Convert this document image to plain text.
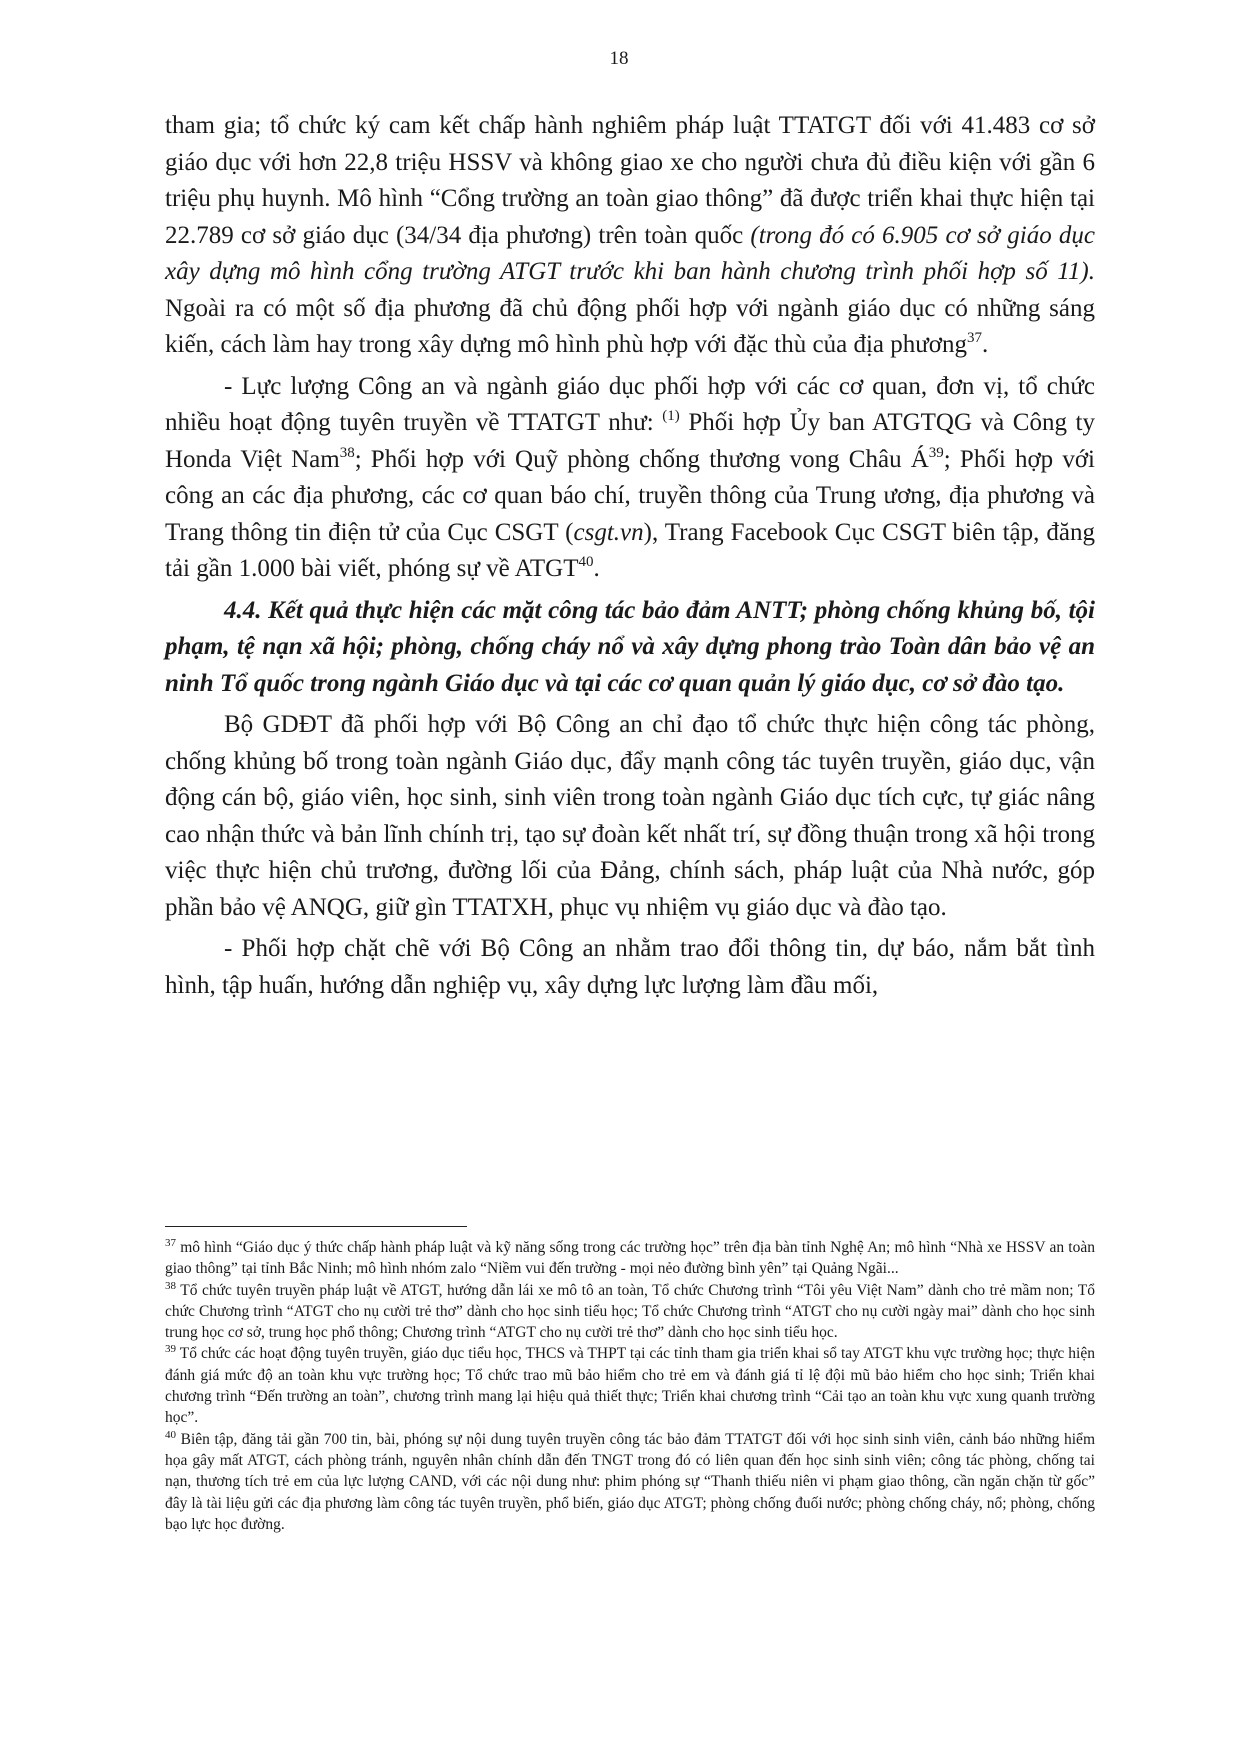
18

tham gia; tổ chức ký cam kết chấp hành nghiêm pháp luật TTATGT đối với 41.483 cơ sở giáo dục với hơn 22,8 triệu HSSV và không giao xe cho người chưa đủ điều kiện với gần 6 triệu phụ huynh. Mô hình “Cổng trường an toàn giao thông” đã được triển khai thực hiện tại 22.789 cơ sở giáo dục (34/34 địa phương) trên toàn quốc (trong đó có 6.905 cơ sở giáo dục xây dựng mô hình cổng trường ATGT trước khi ban hành chương trình phối hợp số 11). Ngoài ra có một số địa phương đã chủ động phối hợp với ngành giáo dục có những sáng kiến, cách làm hay trong xây dựng mô hình phù hợp với đặc thù của địa phương$^{37}$.

- Lực lượng Công an và ngành giáo dục phối hợp với các cơ quan, đơn vị, tổ chức nhiều hoạt động tuyên truyền về TTATGT như: $^{(1)}$ Phối hợp Ủy ban ATGTQG và Công ty Honda Việt Nam$^{38}$; Phối hợp với Quỹ phòng chống thương vong Châu $Á^{39}$; Phối hợp với công an các địa phương, các cơ quan báo chí, truyền thông của Trung ương, địa phương và Trang thông tin điện tử của Cục CSGT (csgt.vn), Trang Facebook Cục CSGT biên tập, đăng tải gần 1.000 bài viết, phóng sự về ATGT$^{40}$.

4.4. Kết quả thực hiện các mặt công tác bảo đảm ANTT; phòng chống khủng bố, tội phạm, tệ nạn xã hội; phòng, chống cháy nổ và xây dựng phong trào Toàn dân bảo vệ an ninh Tổ quốc trong ngành Giáo dục và tại các cơ quan quản lý giáo dục, cơ sở đào tạo.

Bộ GDĐT đã phối hợp với Bộ Công an chỉ đạo tổ chức thực hiện công tác phòng, chống khủng bố trong toàn ngành Giáo dục, đẩy mạnh công tác tuyên truyền, giáo dục, vận động cán bộ, giáo viên, học sinh, sinh viên trong toàn ngành Giáo dục tích cực, tự giác nâng cao nhận thức và bản lĩnh chính trị, tạo sự đoàn kết nhất trí, sự đồng thuận trong xã hội trong việc thực hiện chủ trương, đường lối của Đảng, chính sách, pháp luật của Nhà nước, góp phần bảo vệ ANQG, giữ gìn TTATXH, phục vụ nhiệm vụ giáo dục và đào tạo.

- Phối hợp chặt chẽ với Bộ Công an nhằm trao đổi thông tin, dự báo, nắm bắt tình hình, tập huấn, hướng dẫn nghiệp vụ, xây dựng lực lượng làm đầu mối,

$^{37}$ mô hình “Giáo dục ý thức chấp hành pháp luật và kỹ năng sống trong các trường học” trên địa bàn tỉnh Nghệ An; mô hình “Nhà xe HSSV an toàn giao thông” tại tỉnh Bắc Ninh; mô hình nhóm zalo “Niềm vui đến trường - mọi nẻo đường bình yên” tại Quảng Ngãi...

$^{38}$ Tổ chức tuyên truyền pháp luật về ATGT, hướng dẫn lái xe mô tô an toàn, Tổ chức Chương trình “Tôi yêu Việt Nam” dành cho trẻ mầm non; Tổ chức Chương trình “ATGT cho nụ cười trẻ thơ” dành cho học sinh tiểu học; Tổ chức Chương trình “ATGT cho nụ cười ngày mai” dành cho học sinh trung học cơ sở, trung học phổ thông; Chương trình “ATGT cho nụ cười trẻ thơ” dành cho học sinh tiểu học.

$^{39}$ Tổ chức các hoạt động tuyên truyền, giáo dục tiểu học, THCS và THPT tại các tỉnh tham gia triển khai sổ tay ATGT khu vực trường học; thực hiện đánh giá mức độ an toàn khu vực trường học; Tổ chức trao mũ bảo hiểm cho trẻ em và đánh giá tỉ lệ đội mũ bảo hiểm cho học sinh; Triển khai chương trình “Đến trường an toàn”, chương trình mang lại hiệu quả thiết thực; Triển khai chương trình “Cải tạo an toàn khu vực xung quanh trường học”.

$^{40}$ Biên tập, đăng tải gần 700 tin, bài, phóng sự nội dung tuyên truyền công tác bảo đảm TTATGT đối với học sinh sinh viên, cảnh báo những hiểm họa gây mất ATGT, cách phòng tránh, nguyên nhân chính dẫn đến TNGT trong đó có liên quan đến học sinh sinh viên; công tác phòng, chống tai nạn, thương tích trẻ em của lực lượng CAND, với các nội dung như: phim phóng sự “Thanh thiếu niên vi phạm giao thông, cần ngăn chặn từ gốc” đây là tài liệu gửi các địa phương làm công tác tuyên truyền, phổ biến, giáo dục ATGT; phòng chống đuối nước; phòng chống cháy, nổ; phòng, chống bạo lực học đường.
